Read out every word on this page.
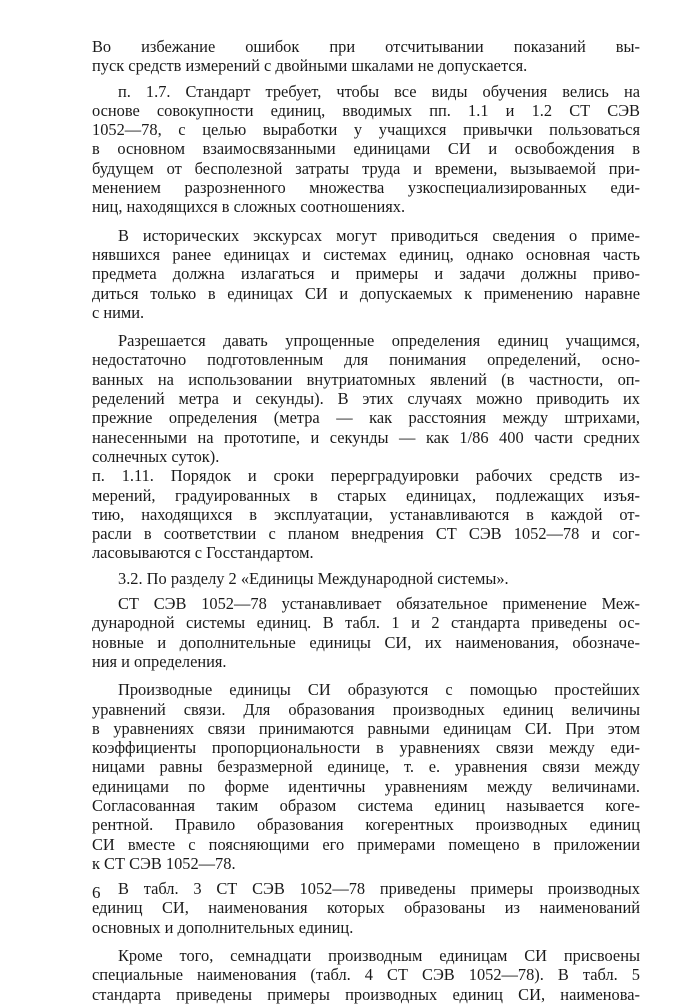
Во избежание ошибок при отсчитывании показаний вы-
пуск средств измерений с двойными шкалами не допускается.

п. 1.7. Стандарт требует, чтобы все виды обучения велись на
основе совокупности единиц, вводимых пп. 1.1 и 1.2 СТ СЭВ
1052—78, с целью выработки у учащихся привычки пользоваться
в основном взаимосвязанными единицами СИ и освобождения в
будущем от бесполезной затраты труда и времени, вызываемой при-
менением разрозненного множества узкоспециализированных еди-
ниц, находящихся в сложных соотношениях.

В исторических экскурсах могут приводиться сведения о приме-
нявшихся ранее единицах и системах единиц, однако основная часть
предмета должна излагаться и примеры и задачи должны приво-
диться только в единицах СИ и допускаемых к применению наравне
с ними.

Разрешается давать упрощенные определения единиц учащимся,
недостаточно подготовленным для понимания определений, осно-
ванных на использовании внутриатомных явлений (в частности, оп-
ределений метра и секунды). В этих случаях можно приводить их
прежние определения (метра — как расстояния между штрихами,
нанесенными на прототипе, и секунды — как 1/86 400 части средних
солнечных суток).

п. 1.11. Порядок и сроки перерградуировки рабочих средств из-
мерений, градуированных в старых единицах, подлежащих изъя-
тию, находящихся в эксплуатации, устанавливаются в каждой от-
расли в соответствии с планом внедрения СТ СЭВ 1052—78 и сог-
ласовываются с Госстандартом.

3.2. По разделу 2 «Единицы Международной системы».

СТ СЭВ 1052—78 устанавливает обязательное применение Меж-
дународной системы единиц. В табл. 1 и 2 стандарта приведены ос-
новные и дополнительные единицы СИ, их наименования, обозначе-
ния и определения.

Производные единицы СИ образуются с помощью простейших
уравнений связи. Для образования производных единиц величины
в уравнениях связи принимаются равными единицам СИ. При этом
коэффициенты пропорциональности в уравнениях связи между еди-
ницами равны безразмерной единице, т. е. уравнения связи между
единицами по форме идентичны уравнениям между величинами.
Согласованная таким образом система единиц называется коге-
рентной. Правило образования когерентных производных единиц
СИ вместе с поясняющими его примерами помещено в приложении
к СТ СЭВ 1052—78.

В табл. 3 СТ СЭВ 1052—78 приведены примеры производных
единиц СИ, наименования которых образованы из наименований
основных и дополнительных единиц.

Кроме того, семнадцати производным единицам СИ присвоены
специальные наименования (табл. 4 СТ СЭВ 1052—78). В табл. 5
стандарта приведены примеры производных единиц СИ, наименова-

6
